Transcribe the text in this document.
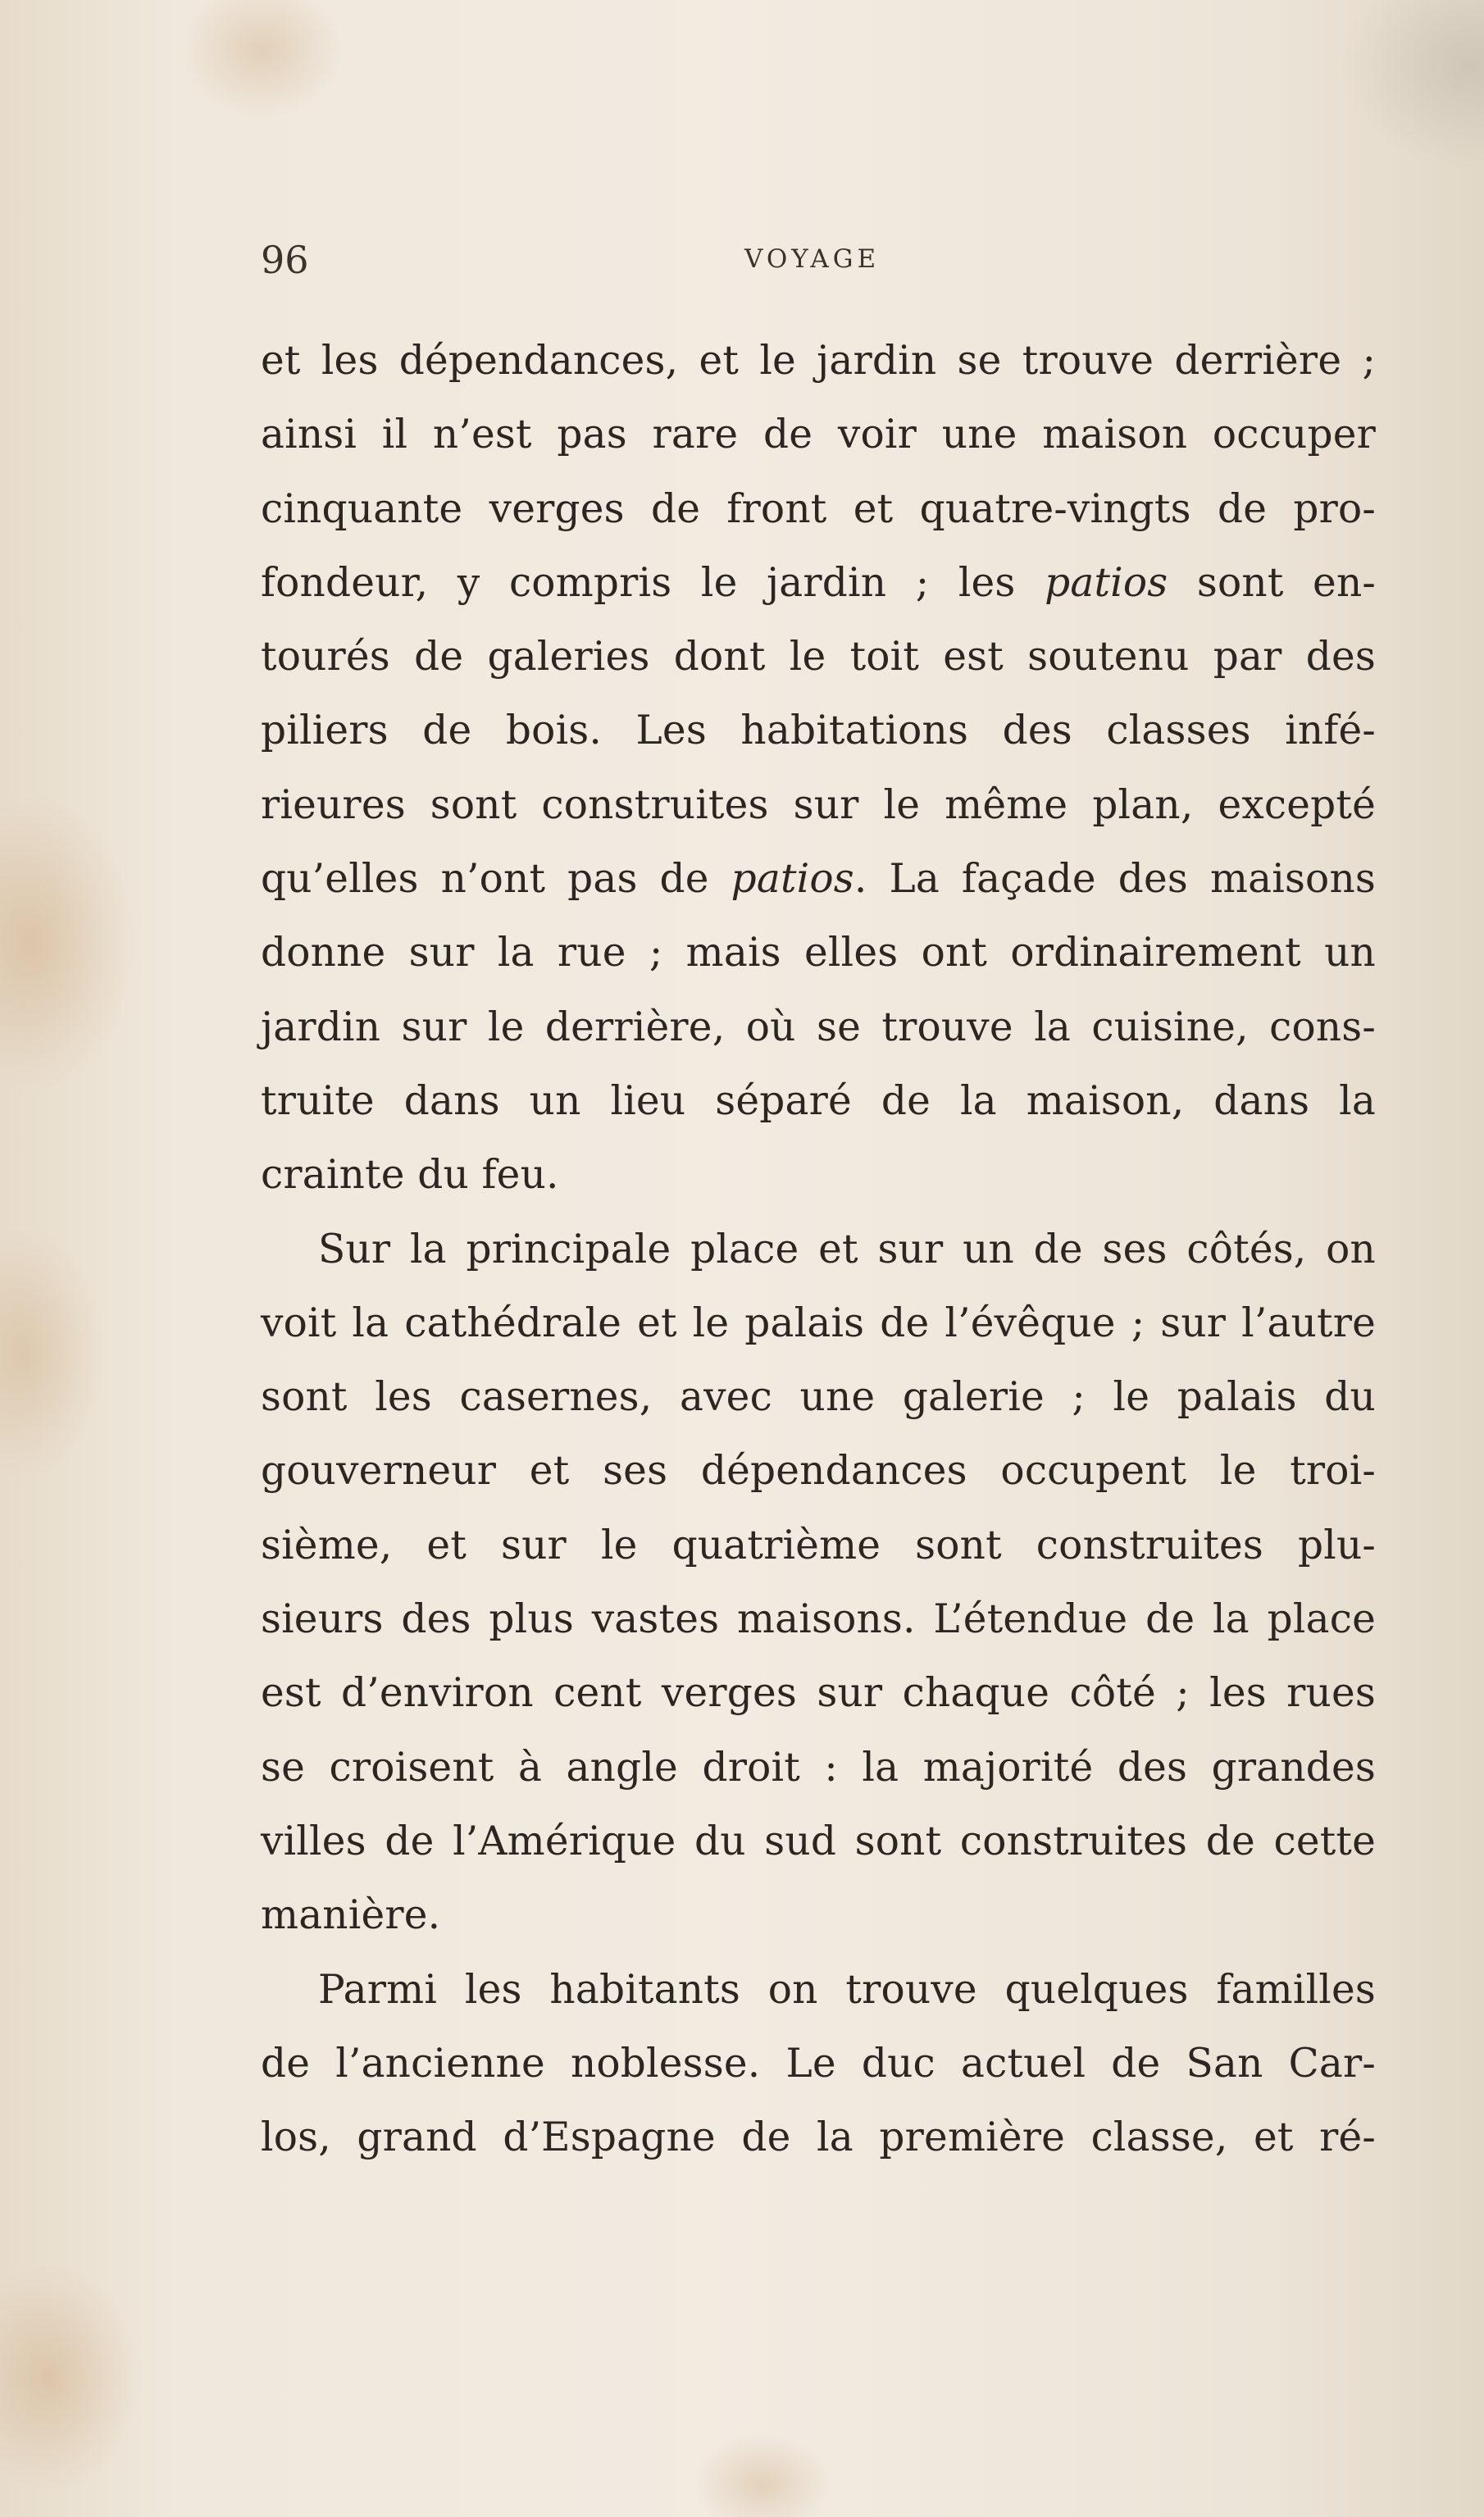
96	VOYAGE
et les dépendances, et le jardin se trouve derrière ;
ainsi il n’est pas rare de voir une maison occuper
cinquante verges de front et quatre-vingts de pro-
fondeur, y compris le jardin ; les patios sont en-
tourés de galeries dont le toit est soutenu par des
piliers de bois. Les habitations des classes infé-
rieures sont construites sur le même plan, excepté
qu’elles n’ont pas de patios. La façade des maisons
donne sur la rue ; mais elles ont ordinairement un
jardin sur le derrière, où se trouve la cuisine, cons-
truite dans un lieu séparé de la maison, dans la
crainte du feu.
Sur la principale place et sur un de ses côtés, on
voit la cathédrale et le palais de l’évêque ; sur l’autre
sont les casernes, avec une galerie ; le palais du
gouverneur et ses dépendances occupent le troi-
sième, et sur le quatrième sont construites plu-
sieurs des plus vastes maisons. L’étendue de la place
est d’environ cent verges sur chaque côté ; les rues
se croisent à angle droit : la majorité des grandes
villes de l’Amérique du sud sont construites de cette
manière.
Parmi les habitants on trouve quelques familles
de l’ancienne noblesse. Le duc actuel de San Car-
los, grand d’Espagne de la première classe, et ré-
